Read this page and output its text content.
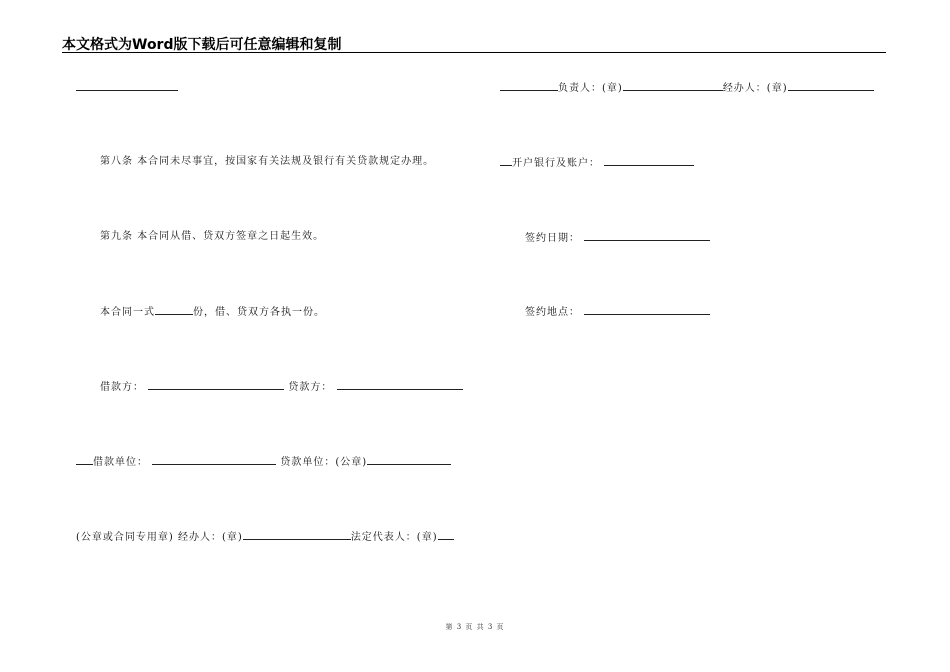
本文格式为Word版下载后可任意编辑和复制
第八条 本合同未尽事宜，按国家有关法规及银行有关贷款规定办理。
第九条 本合同从借、贷双方签章之日起生效。
本合同一式	份，借、贷双方各执一份。
借款方：	贷款方：
借款单位：	贷款单位：(公章)
(公章或合同专用章) 经办人：(章)	法定代表人：(章)
负责人：(章)	经办人：(章)
开户银行及账户：
签约日期：
签约地点：
第 3 页 共 3 页
